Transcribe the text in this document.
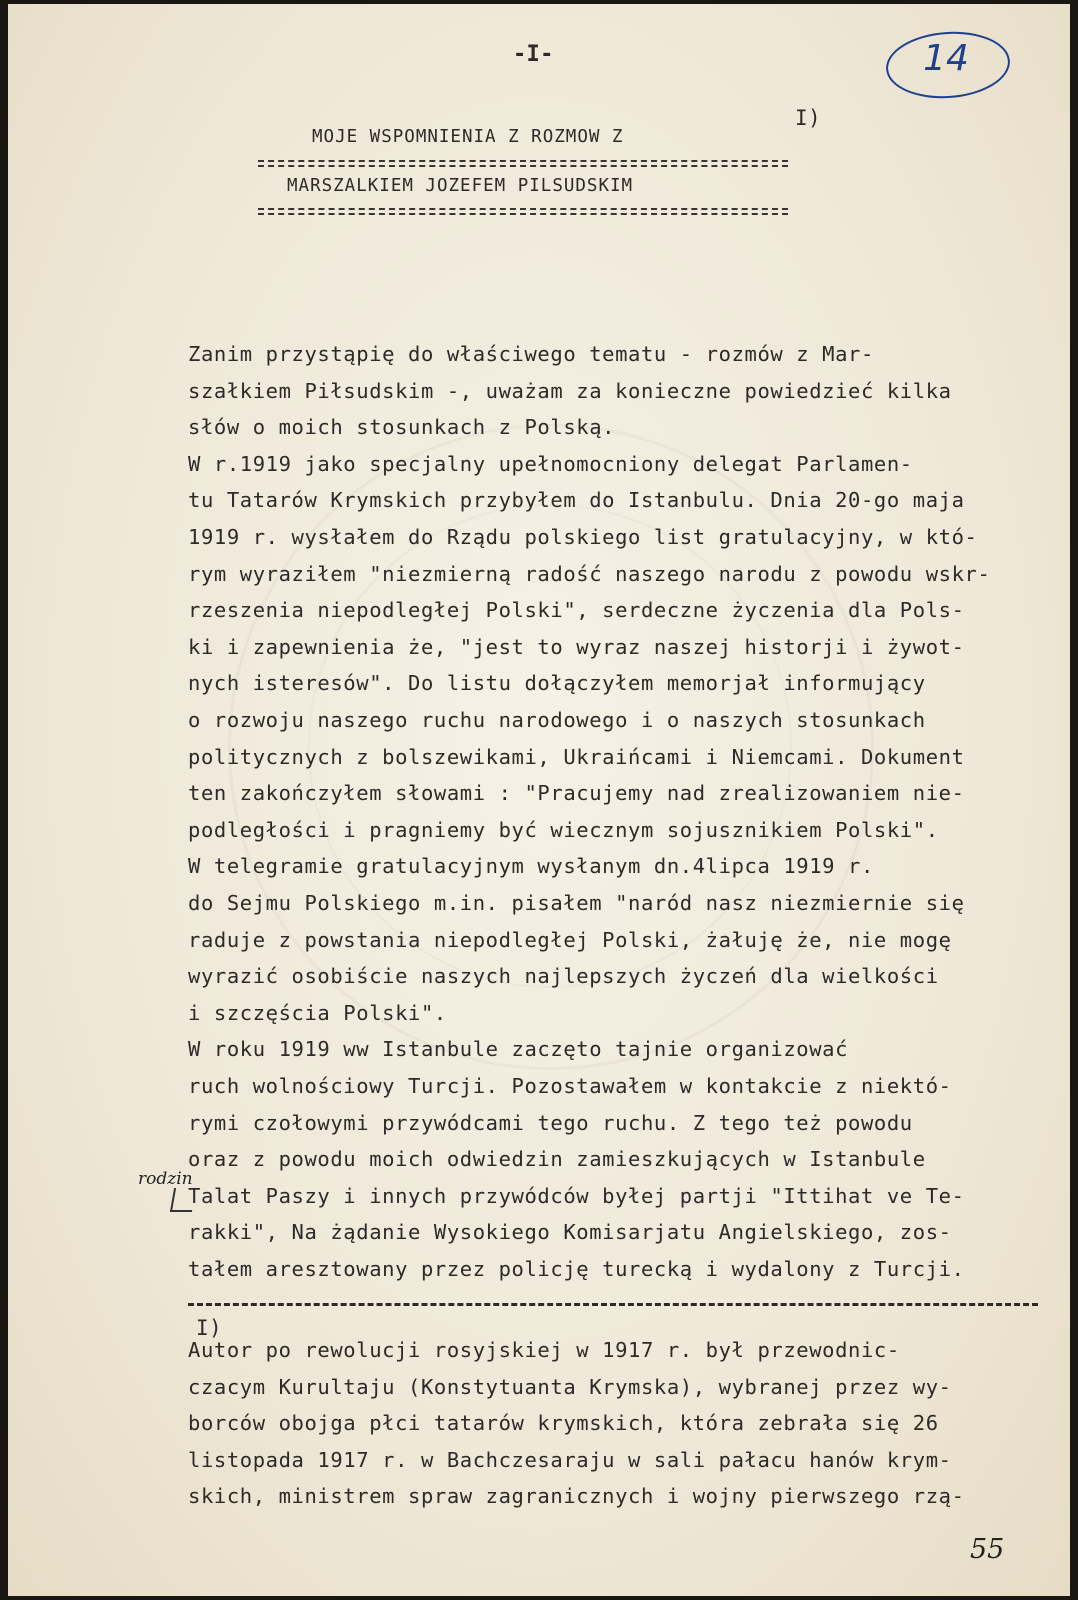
-I-	14
I)
MOJE WSPOMNIENIA Z ROZMOW Z
MARSZALKIEM JOZEFEM PILSUDSKIM
Zanim przystąpię do właściwego tematu - rozmów z Mar-
szałkiem Piłsudskim -, uważam za konieczne powiedzieć kilka
słów o moich stosunkach z Polską.
W r.1919 jako specjalny upełnomocniony delegat Parlamen-
tu Tatarów Krymskich przybyłem do Istanbulu. Dnia 20-go maja
1919 r. wysłałem do Rządu polskiego list gratulacyjny, w któ-
rym wyraziłem "niezmierną radość naszego narodu z powodu wskr-
rzeszenia niepodległej Polski", serdeczne życzenia dla Pols-
ki i zapewnienia że, "jest to wyraz naszej historji i żywot-
nych isteresów". Do listu dołączyłem memorjał informujący
o rozwoju naszego ruchu narodowego i o naszych stosunkach
politycznych z bolszewikami, Ukraińcami i Niemcami. Dokument
ten zakończyłem słowami : "Pracujemy nad zrealizowaniem nie-
podległości i pragniemy być wiecznym sojusznikiem Polski".
W telegramie gratulacyjnym wysłanym dn.4lipca 1919 r.
do Sejmu Polskiego m.in. pisałem "naród nasz niezmiernie się
raduje z powstania niepodległej Polski, żałuję że, nie mogę
wyrazić osobiście naszych najlepszych życzeń dla wielkości
i szczęścia Polski".
W roku 1919 ww Istanbule zaczęto tajnie organizować
ruch wolnościowy Turcji. Pozostawałem w kontakcie z niektó-
rymi czołowymi przywódcami tego ruchu. Z tego też powodu
oraz z powodu moich odwiedzin zamieszkujących w Istanbule
Talat Paszy i innych przywódców byłej partji "Ittihat ve Te-
rakki", Na żądanie Wysokiego Komisarjatu Angielskiego, zos-
tałem aresztowany przez policję turecką i wydalony z Turcji.
rodzin
I)
Autor po rewolucji rosyjskiej w 1917 r. był przewodnic-
czacym Kurultaju (Konstytuanta Krymska), wybranej przez wy-
borców obojga płci tatarów krymskich, która zebrała się 26
listopada 1917 r. w Bachczesaraju w sali pałacu hanów krym-
skich, ministrem spraw zagranicznych i wojny pierwszego rzą-
55
